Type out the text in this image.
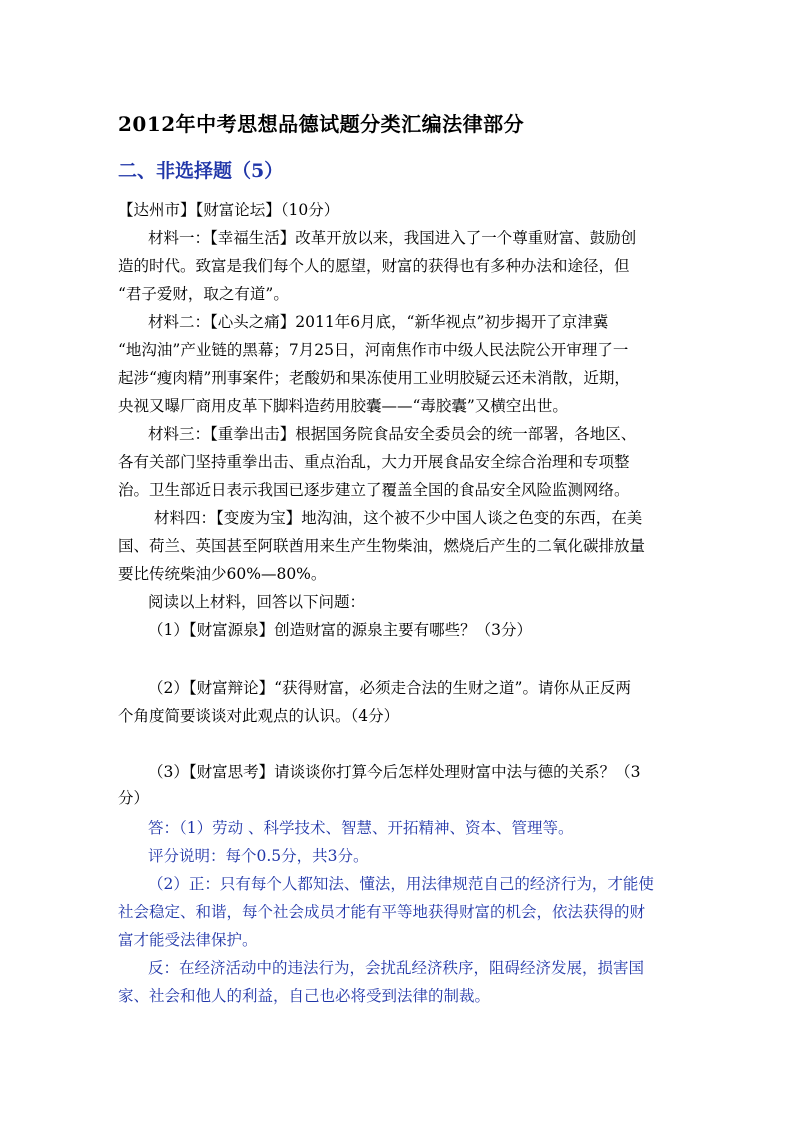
2012年中考思想品德试题分类汇编法律部分
二、非选择题（5）
【达州市】【财富论坛】（10分）
材料一：【幸福生活】改革开放以来，我国进入了一个尊重财富、鼓励创
造的时代。致富是我们每个人的愿望，财富的获得也有多种办法和途径，但
“君子爱财，取之有道”。
材料二：【心头之痛】2011年6月底，“新华视点”初步揭开了京津冀
“地沟油”产业链的黑幕；7月25日，河南焦作市中级人民法院公开审理了一
起涉“瘦肉精”刑事案件；老酸奶和果冻使用工业明胶疑云还未消散，近期，
央视又曝厂商用皮革下脚料造药用胶囊——“毒胶囊”又横空出世。
材料三：【重拳出击】根据国务院食品安全委员会的统一部署，各地区、
各有关部门坚持重拳出击、重点治乱，大力开展食品安全综合治理和专项整
治。卫生部近日表示我国已逐步建立了覆盖全国的食品安全风险监测网络。
材料四：【变废为宝】地沟油，这个被不少中国人谈之色变的东西，在美
国、荷兰、英国甚至阿联酋用来生产生物柴油，燃烧后产生的二氧化碳排放量
要比传统柴油少60%—80%。
阅读以上材料，回答以下问题：
（1）【财富源泉】创造财富的源泉主要有哪些？（3分）
（2）【财富辩论】“获得财富，必须走合法的生财之道”。请你从正反两
个角度简要谈谈对此观点的认识。（4分）
（3）【财富思考】请谈谈你打算今后怎样处理财富中法与德的关系？（3
分）
答：（1）劳动 、科学技术、智慧、开拓精神、资本、管理等。
评分说明：每个0.5分，共3分。
（2）正：只有每个人都知法、懂法，用法律规范自己的经济行为，才能使
社会稳定、和谐，每个社会成员才能有平等地获得财富的机会，依法获得的财
富才能受法律保护。
反：在经济活动中的违法行为，会扰乱经济秩序，阻碍经济发展，损害国
家、社会和他人的利益，自己也必将受到法律的制裁。
